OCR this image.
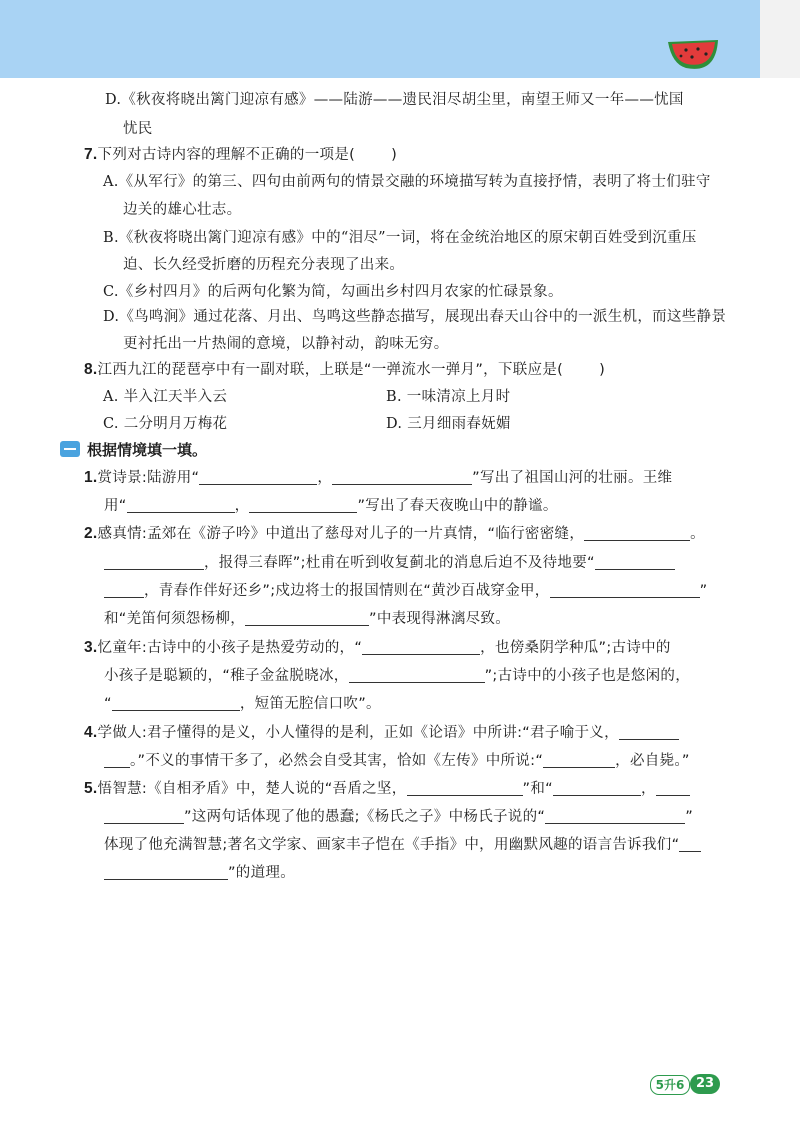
D.《秋夜将晓出篱门迎凉有感》——陆游——遗民泪尽胡尘里，南望王师又一年——忧国
忧民
7.下列对古诗内容的理解不正确的一项是( )
A.《从军行》的第三、四句由前两句的情景交融的环境描写转为直接抒情，表明了将士们驻守
边关的雄心壮志。
B.《秋夜将晓出篱门迎凉有感》中的“泪尽”一词，将在金统治地区的原宋朝百姓受到沉重压
迫、长久经受折磨的历程充分表现了出来。
C.《乡村四月》的后两句化繁为简，勾画出乡村四月农家的忙碌景象。
D.《鸟鸣涧》通过花落、月出、鸟鸣这些静态描写，展现出春天山谷中的一派生机，而这些静景
更衬托出一片热闹的意境，以静衬动，韵味无穷。
8.江西九江的琵琶亭中有一副对联，上联是“一弹流水一弹月”，下联应是( )
A. 半入江天半入云	B. 一味清凉上月时
C. 二分明月万梅花	D. 三月细雨春妩媚
根据情境填一填。
1.赏诗景:陆游用“	，	”写出了祖国山河的壮丽。王维
用“	，	”写出了春天夜晚山中的静谧。
2.感真情:孟郊在《游子吟》中道出了慈母对儿子的一片真情，“临行密密缝，	。
，报得三春晖”;杜甫在听到收复蓟北的消息后迫不及待地要“
，青春作伴好还乡”;戍边将士的报国情则在“黄沙百战穿金甲，	”
和“羌笛何须怨杨柳，	”中表现得淋漓尽致。
3.忆童年:古诗中的小孩子是热爱劳动的，“	，也傍桑阴学种瓜”;古诗中的
小孩子是聪颖的，“稚子金盆脱晓冰，	”;古诗中的小孩子也是悠闲的，
“	，短笛无腔信口吹”。
4.学做人:君子懂得的是义，小人懂得的是利，正如《论语》中所讲:“君子喻于义，
。”不义的事情干多了，必然会自受其害，恰如《左传》中所说:“	，必自毙。”
5.悟智慧:《自相矛盾》中，楚人说的“吾盾之坚，	”和“	，
”这两句话体现了他的愚蠢;《杨氏之子》中杨氏子说的“	”
体现了他充满智慧;著名文学家、画家丰子恺在《手指》中，用幽默风趣的语言告诉我们“
”的道理。
5升6 23
